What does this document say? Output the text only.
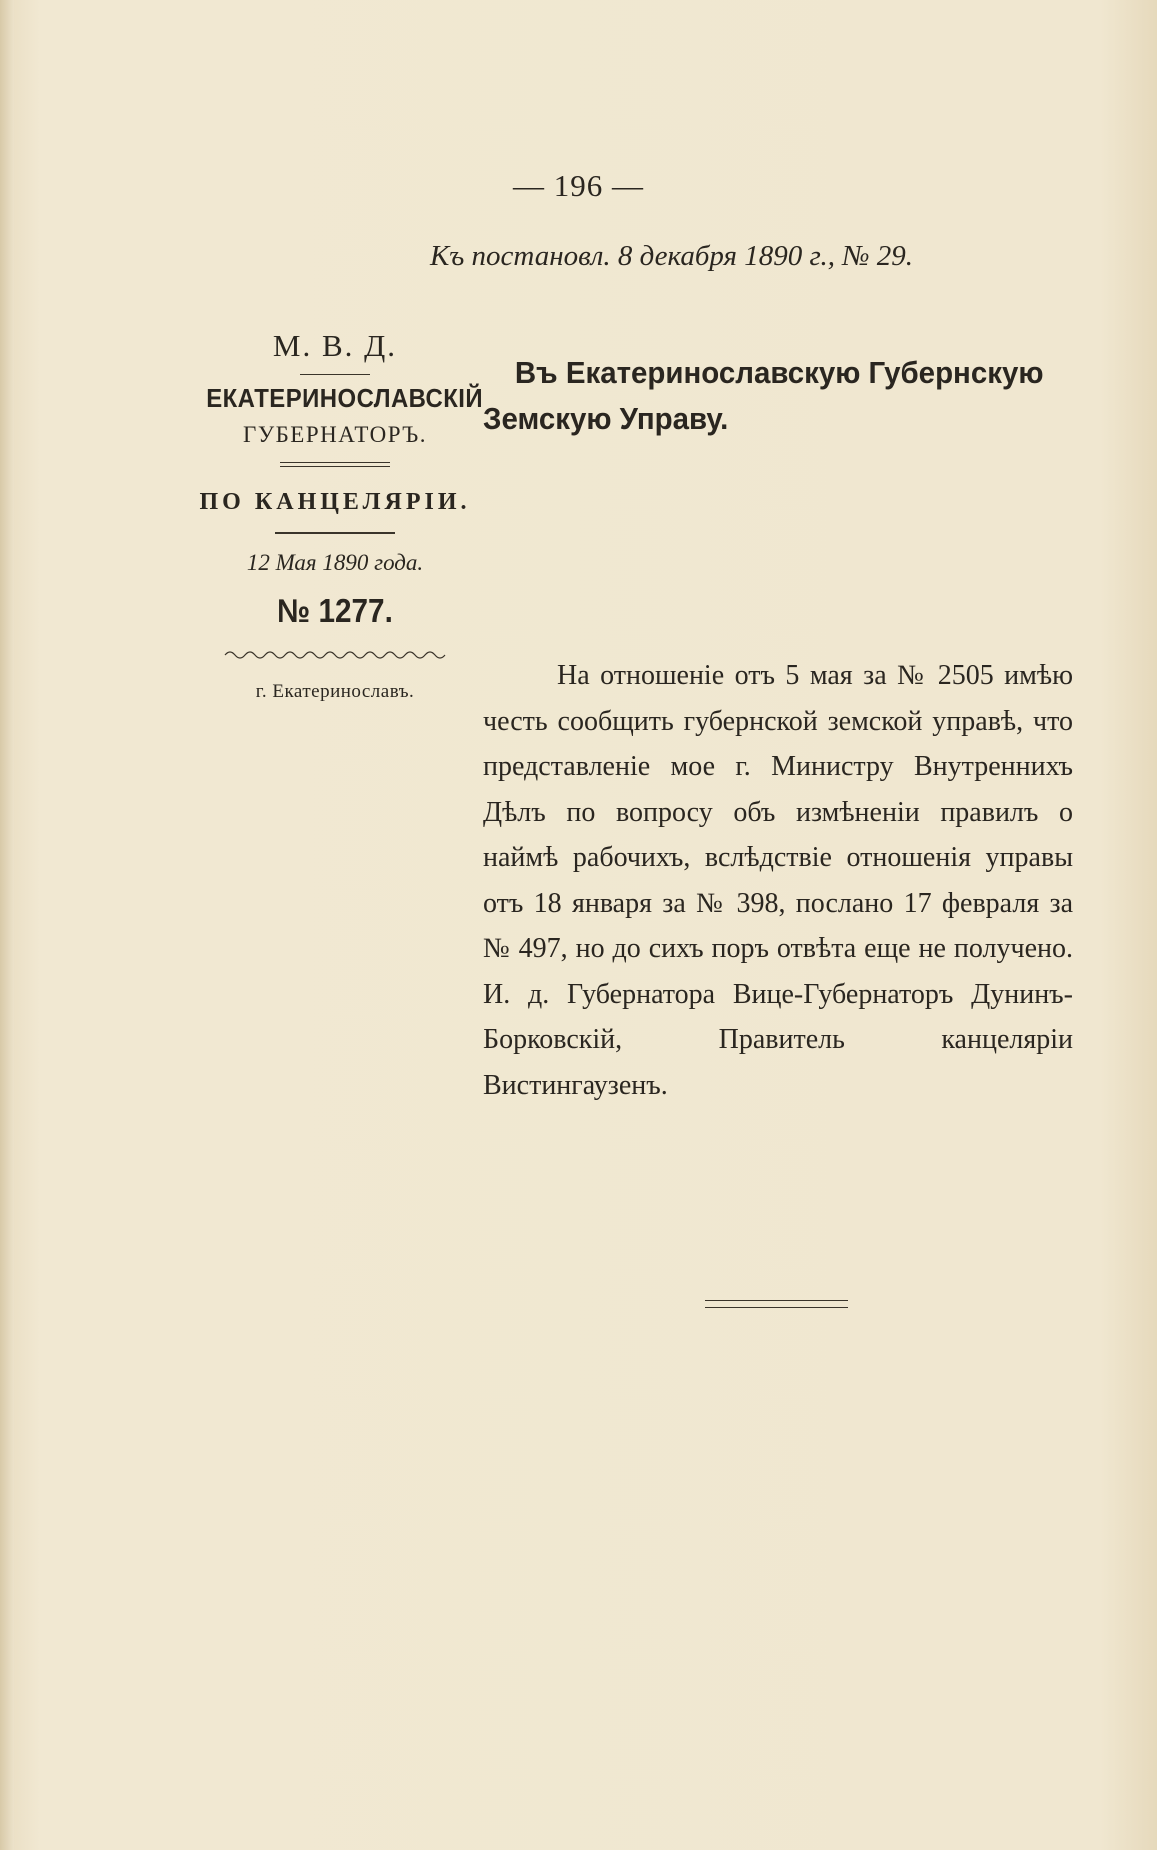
— 196 —
Къ постановл. 8 декабря 1890 г., № 29.
М. В. Д.
ЕКАТЕРИНОСЛАВСКІЙ
ГУБЕРНАТОРЪ.
ПО КАНЦЕЛЯРІИ.
12 Мая 1890 года.
№ 1277.
г. Екатеринославъ.
Въ Екатеринославскую Губернскую
Земскую Управу.

На отношеніе отъ 5 мая за № 2505 имѣю честь сообщить губернской земской управѣ, что представленіе мое г. Министру Внутреннихъ Дѣлъ по вопросу объ измѣненіи правилъ о наймѣ рабочихъ, вслѣдствіе отношенія управы отъ 18 января за № 398, послано 17 февраля за № 497, но до сихъ поръ отвѣта еще не получено. И. д. Губернатора Вице-Губернаторъ Дунинъ-Борковскій, Правитель канцеляріи Вистингаузенъ.
